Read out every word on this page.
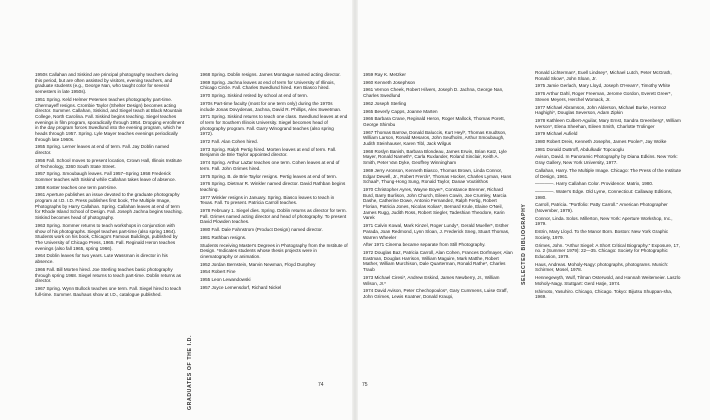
1950s Callahan and Siskind are principal photography teachers during this period, but are often assisted by visitors, evening teachers, and graduate students (e.g., George Nan, who taught color for several semesters in late 1950s).

1951 Spring. Keld Helmer Petersen teaches photography part-time. Chermayeff resigns. Crombie Taylor (Shelter Design) becomes acting director. Summer. Callahan, Siskind, and Siegel teach at Black Mountain College, North Carolina. Fall. Siskind begins teaching. Siegel teaches evenings in film program, sporadically through 1954. Dropping enrollment in the day program forces Swedlund into the evening program, which he heads through 1957. Spring. Lyle Mayer teaches evenings periodically through late 1960s.

1955 Spring. Lerner leaves at end of term. Fall. Jay Doblin named director.

1956 Fall. School moves to present location, Crown Hall, Illinois Institute of Technology, 3360 South State Street.

1957 Spring. Smoubaugh leaves. Fall 1957–Spring 1958 Frederick Sommer teaches with Siskind while Callahan takes leave of absence.

1958 Koster teaches one term part-time.

1961 Aperture publishes an issue devoted to the graduate photography program at I.D. I.D. Press publishes first book, The Multiple Image, Photographs by Harry Callahan. Spring. Callahan leaves at end of term for Rhode Island School of Design. Fall. Joseph Jachna begins teaching. Siskind becomes head of photography.

1963 Spring. Sommer returns to teach workshops in conjunction with show of his photographs. Siegel teaches part-time (also spring 1964). Students work on his book, Chicago's Famous Buildings, published by The University of Chicago Press, 1965. Fall. Reginald Heron teaches evenings (also fall 1965, spring 1966).

1964 Doblin leaves for two years. Lute Wassman is director in his absence.

1966 Fall. Bill Morten hired. Joe Sterling teaches basic photography through spring 1968. Siegel returns to teach part-time. Doblin returns as director.

1967 Spring. Wynn Bullock teaches one term. Fall. Siegel hired to teach full-time. Summer. Bauhaus show at I.D., catalogue published.

1968 Spring. Doblin resigns. James Montague named acting director.

1969 Spring. Jachna leaves at end of term for University of Illinois, Chicago Circle. Fall. Charles Swedlund hired. Ken Biasco hired.

1970 Spring. Siskind retired by school at end of term.

1970s Part-time faculty (most for one term only) during the 1970s include Jonas Dovydenas, Jachna, David R. Phillips, Alex Sweetman.

1971 Spring. Siskind returns to teach one class. Swedlund leaves at end of term for Southern Illinois University. Siegel becomes head of photography program. Fall. Garry Winogrand teaches (also spring 1972).

1972 Fall. Alan Cohen hired.

1973 Spring. Ralph Pertig hired. Morten leaves at end of term. Fall. Benjamin de Brie Taylor appointed director.

1974 Spring. Arthur LaZar teaches one term. Cohen leaves at end of term. Fall. John Grimes hired.

1975 Spring. B. de Brie Taylor resigns. Pertig leaves at end of term.

1976 Spring. Dietmar R. Winkler named director. David Rathban begins teaching.

1977 Winkler resigns in January. Spring. Biasco leaves to teach in Texas. Fall. To present. Patricia Carroll teaches.

1978 February 1. Siegel dies. Spring. Doblin returns as director for term. Fall. Grimes named acting director and head of photography. To present David Plowden teaches.

1980 Fall. Dale Fahnstrom (Product Design) named director.

1981 Rathban resigns.

Students receiving Master's Degrees in Photography from the Institute of Design. *Indicates students whose thesis projects were in cinematography or animation.

1952 Jordan Bernstein, Marvin Newman, Floyd Dunphey

1954 Robert Fine

1955 Leon Lewandowski

1957 Joyce Lemensdorf, Richard Nickel

GRADUATES OF THE I.D.	74

1959 Ray K. Metzker

1960 Kenneth Josephson

1961 Vernon Cheek, Robert Hilvers, Joseph D. Jachna, George Nan, Charles Swedlund

1962 Joseph Sterling

1965 Beverly Capps, Joanne Marten

1966 Barbara Crane, Reginald Heron, Roger Mallock, Thomas Porett, George Shimbu

1967 Thomas Barrow, Donald Baluccis, Kurt Heyl*, Thomas Knudtson, William Larson, Ronald Mesaros, John Seufholm, Arthur Smoubaugh, Judith Steinhauser, Karen Tibl, Jack Wilgus

1968 Roslyn Banish, Barbara Blondeau, James Erwin, Brian Katz, Lyle Mayer, Ronald Nameth*, Carla Ruxlander, Roland Sinclair, Keith A. Smith, Peter Van Dyke, Geoffrey Winningham

1969 Jerry Aronson, Kenneth Biasco, Thomas Brown, Linda Connor, Edgar Dewell, Jr., Robert Frerck*, Thomas Hocker, Charles Lyman, Hans Schaal*, Thung-Hong Sung, Ronald Taylor, Danae Voutirithos

1970 Christopher Ayres, Wayne Boyer*, Constance Brenner, Richard Burd, Barry Burlison, John Church, Eileen Cowin, Joe Crumley, Marcia Dashe, Catherine Dowe, Antonio Fernandez, Ralph Fertig, Robert Florian, Patricia Jones, Nicolas Kolias*, Bernard Krule, Elaine O'Neil, James Rugg, Judith Ross, Robert Siegler, Tadeshian Theodore, Karin Varek

1971 Calvin Kowal, Mark Kinzel, Roger Lundy*, Gerald Mueller*, Esther Parada, Joan Redmond, Lynn Sloan, J. Frederick Sneg, Stuart Thomas, Warren Wheeler

After 1971 Cinema became separate from Still Photography.

1972 Douglas Baz, Patricia Carroll, Alan Cohen, Frances Dorfmayer, Alan Eastman, Douglas Harrison, William Maguire, Mark Matthe, Robert Mather, William Murchison, Dale Quarterman, Ronald Rathe*, Charles Traub

1973 Michael Ciresi*, Andrew Eskind, James Newberry, Jr., William Wilson, Jr.*

1974 David Avison, Peter Chechopoulos*, Gary Cummens, Luise Graff, John Grimes, Lewis Koatner, Donald Kraupi,

Ronald Lichterman*, Euell Lindsey*, Michael Lutch, Peter McGrath, Ronald Skow*, John Sloan, Jr.

1975 Jamie Gerlach, Mary Lloyd, Joseph O'Hearn*, Timothy White

1976 Arthur Dahl, Roger Freeman, Jerome Gordon, Everett Greer*, Steven Meyers, Herchel Womack, Jr.

1977 Michael Abramson, John Alderson, Michael Burke, Hormoz Haghighi*, Douglas Severson, Adam Zipkin

1978 Kathleen Culbert-Aguilar, Mary Ernst, Sandra Greenberg*, William Iverson*, Elena Sheehan, Eileen Smith, Charlotte Trolinger

1979 Michael Aufield

1980 Robert Dreis, Kenneth Josephs, James Pooler*, Jay Wolke

1981 Donald DuBroff, Abdulkadir Topcuoglu

Avison, David. In Panoramic Photography by Diana Edkins. New York: Gray Gallery, New York University, 1977.

Callahan, Harry. The Multiple Image. Chicago: The Press of the Institute of Design, 1961.

————. Harry Callahan Color. Providence: Matrix, 1980.

————. Water's Edge. Old Lyme, Connecticut: Callaway Editions, 1980.

Carroll, Patricia. "Portfolio: Patty Carroll." American Photographer (November, 1979).

Connor, Linda. Solos. Millerton, New York: Aperture Workshop, Inc., 1979.

Estrin, Mary Lloyd. To the Manor Born. Boston: New York Graphic Society, 1979.

Grimes, John. "Arthur Siegel: A Short Critical Biography." Exposure, 17, no. 2 (Summer 1979): 22—35. Chicago: Society for Photographic Education, 1979.

Haus, Andreas. Moholy-Nagy: photographs, photograms. Munich: Schirmer, Mosel, 1978.

Hennegewyth, Wulf, Tilman Osterwold, and Hannah Weitemeier. Laszlo Moholy-Nagy. Stuttgart: Gerd Hatje, 1974.

Ishimoto, Yasuhiro. Chicago, Chicago. Tokyo: Bijutsu Shuppan-sha, 1969.

SELECTED BIBLIOGRAPHY
75
